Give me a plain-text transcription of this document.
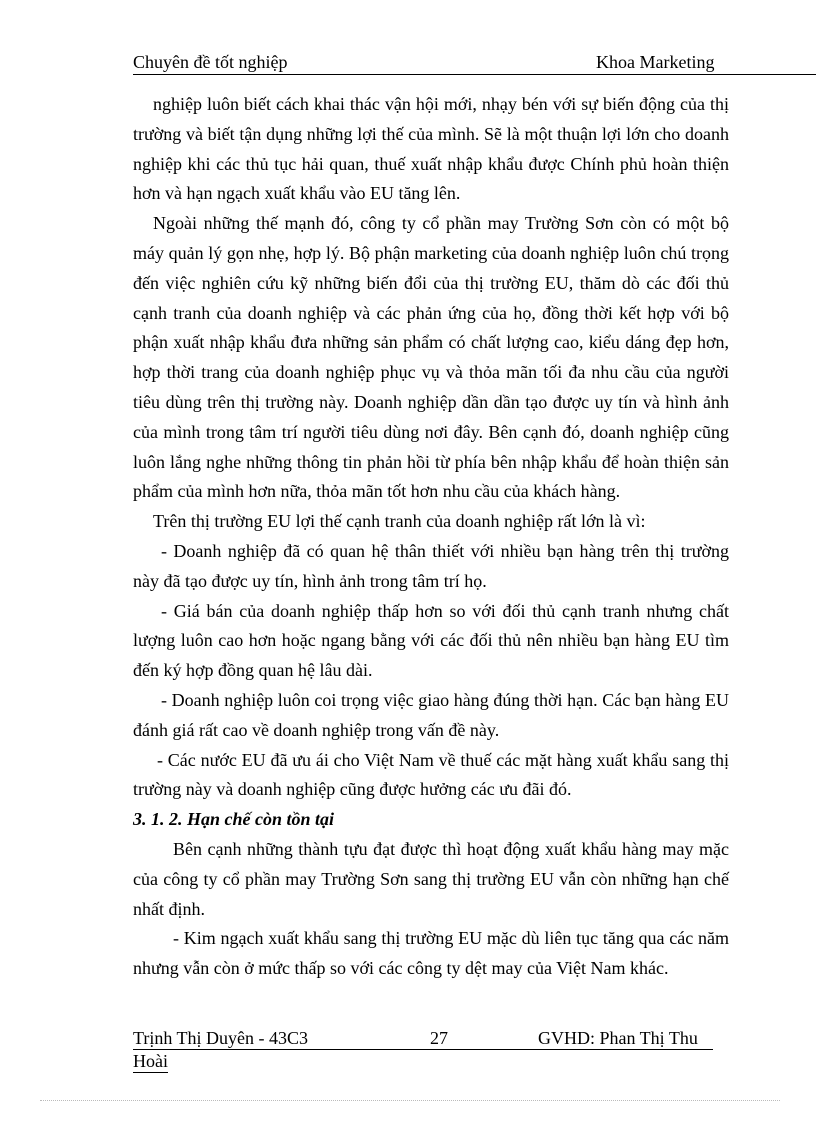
Chuyên đề tốt nghiệp	Khoa Marketing

nghiệp luôn biết cách khai thác vận hội mới, nhạy bén với sự biến động của thị trường và biết tận dụng những lợi thế của mình. Sẽ là một thuận lợi lớn cho doanh nghiệp khi các thủ tục hải quan, thuế xuất nhập khẩu được Chính phủ hoàn thiện hơn và hạn ngạch xuất khẩu vào EU tăng lên.

Ngoài những thế mạnh đó, công ty cổ phần may Trường Sơn còn có một bộ máy quản lý gọn nhẹ, hợp lý. Bộ phận marketing của doanh nghiệp luôn chú trọng đến việc nghiên cứu kỹ những biến đổi của thị trường EU, thăm dò các đối thủ cạnh tranh của doanh nghiệp và các phản ứng của họ, đồng thời kết hợp với bộ phận xuất nhập khẩu đưa những sản phẩm có chất lượng cao, kiểu dáng đẹp hơn, hợp thời trang của doanh nghiệp phục vụ và thỏa mãn tối đa nhu cầu của người tiêu dùng trên thị trường này. Doanh nghiệp dần dần tạo được uy tín và hình ảnh của mình trong tâm trí người tiêu dùng nơi đây. Bên cạnh đó, doanh nghiệp cũng luôn lắng nghe những thông tin phản hồi từ phía bên nhập khẩu để hoàn thiện sản phẩm của mình hơn nữa, thỏa mãn tốt hơn nhu cầu của khách hàng.

Trên thị trường EU lợi thế cạnh tranh của doanh nghiệp rất lớn là vì:

- Doanh nghiệp đã có quan hệ thân thiết với nhiều bạn hàng trên thị trường này đã tạo được uy tín, hình ảnh trong tâm trí họ.

- Giá bán của doanh nghiệp thấp hơn so với đối thủ cạnh tranh nhưng chất lượng luôn cao hơn hoặc ngang bằng với các đối thủ nên nhiều bạn hàng EU tìm đến ký hợp đồng quan hệ lâu dài.

- Doanh nghiệp luôn coi trọng việc giao hàng đúng thời hạn. Các bạn hàng EU đánh giá rất cao về doanh nghiệp trong vấn đề này.

- Các nước EU đã ưu ái cho Việt Nam về thuế các mặt hàng xuất khẩu sang thị trường này và doanh nghiệp cũng được hưởng các ưu đãi đó.

3. 1. 2. Hạn chế còn tồn tại

Bên cạnh những thành tựu đạt được thì hoạt động xuất khẩu hàng may mặc của công ty cổ phần may Trường Sơn sang thị trường EU vẫn còn những hạn chế nhất định.

- Kim ngạch xuất khẩu sang thị trường EU mặc dù liên tục tăng qua các năm nhưng vẫn còn ở mức thấp so với các công ty dệt may của Việt Nam khác.

Trịnh Thị Duyên - 43C3	27	GVHD: Phan Thị Thu
Hoài
